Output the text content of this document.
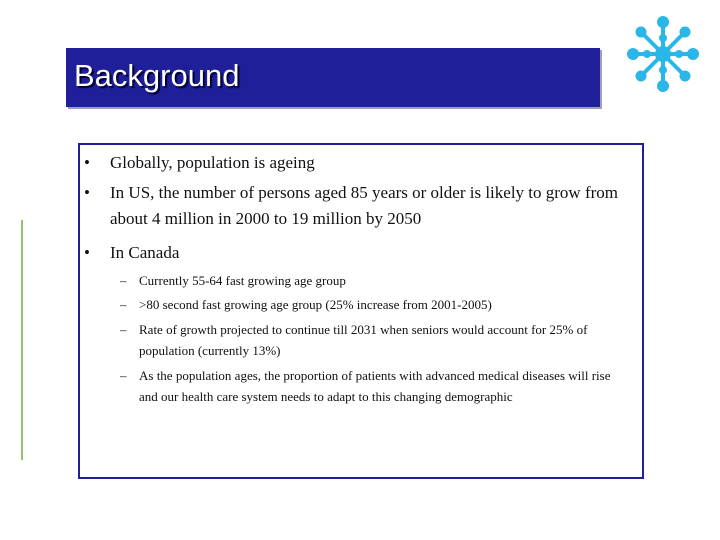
Background
• Globally, population is ageing
• In US, the number of persons aged 85 years or older is likely to grow from about 4 million in 2000 to 19 million by 2050
• In Canada
– Currently 55-64 fast growing age group
– >80 second fast growing age group (25% increase from 2001-2005)
– Rate of growth projected to continue till 2031 when seniors would account for 25% of population (currently 13%)
– As the population ages, the proportion of patients with advanced medical diseases will rise and our health care system needs to adapt to this changing demographic
